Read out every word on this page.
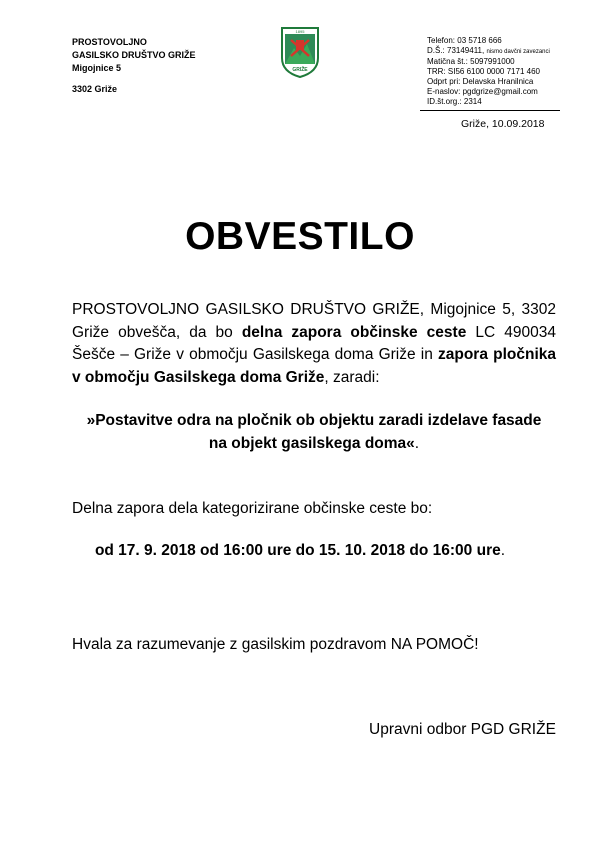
PROSTOVOLJNO
GASILSKO DRUŠTVO GRIŽE
Migojnice 5
3302 Griže
1895
GRIŽE
Telefon: 03 5718 666
D.Š.: 73149411, nismo davčni zavezanci
Matična št.: 5097991000
TRR: SI56 6100 0000 7171 460
Odprt pri: Delavska Hranilnica
E-naslov: pgdgrize@gmail.com
ID.št.org.: 2314
Griže, 10.09.2018
OBVESTILO
PROSTOVOLJNO GASILSKO DRUŠTVO GRIŽE, Migojnice 5, 3302 Griže obvešča, da bo delna zapora občinske ceste LC 490034 Šešče – Griže v območju Gasilskega doma Griže in zapora pločnika v območju Gasilskega doma Griže, zaradi:
»Postavitve odra na pločnik ob objektu zaradi izdelave fasade
na objekt gasilskega doma«.
Delna zapora dela kategorizirane občinske ceste bo:
od 17. 9. 2018 od 16:00 ure do 15. 10. 2018 do 16:00 ure.
Hvala za razumevanje z gasilskim pozdravom NA POMOČ!
Upravni odbor PGD GRIŽE
